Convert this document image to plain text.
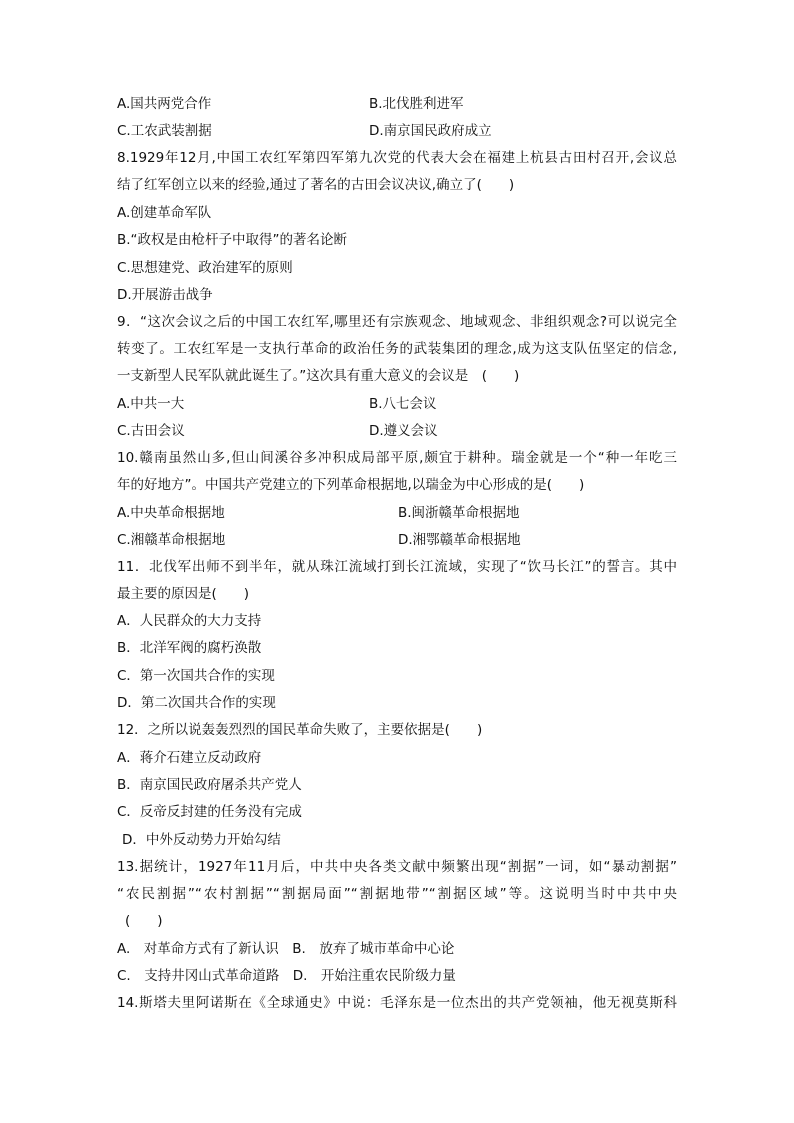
A.国共两党合作	B.北伐胜利进军
C.工农武装割据	D.南京国民政府成立
8.1929年12月,中国工农红军第四军第九次党的代表大会在福建上杭县古田村召开,会议总
结了红军创立以来的经验,通过了著名的古田会议决议,确立了(　　)
A.创建革命军队
B.“政权是由枪杆子中取得”的著名论断
C.思想建党、政治建军的原则
D.开展游击战争
9．“这次会议之后的中国工农红军,哪里还有宗族观念、地域观念、非组织观念?可以说完全
转变了。工农红军是一支执行革命的政治任务的武装集团的理念,成为这支队伍坚定的信念,
一支新型人民军队就此诞生了。”这次具有重大意义的会议是　(　　)
A.中共一大	B.八七会议
C.古田会议	D.遵义会议
10.赣南虽然山多,但山间溪谷多冲积成局部平原,颇宜于耕种。瑞金就是一个“种一年吃三
年的好地方”。中国共产党建立的下列革命根据地,以瑞金为中心形成的是(　　)
A.中央革命根据地	B.闽浙赣革命根据地
C.湘赣革命根据地	D.湘鄂赣革命根据地
11．北伐军出师不到半年，就从珠江流域打到长江流域，实现了“饮马长江”的誓言。其中
最主要的原因是(　　)
A．人民群众的大力支持
B．北洋军阀的腐朽涣散
C．第一次国共合作的实现
D．第二次国共合作的实现
12．之所以说轰轰烈烈的国民革命失败了，主要依据是(　　)
A．蒋介石建立反动政府
B．南京国民政府屠杀共产党人
C．反帝反封建的任务没有完成
D．中外反动势力开始勾结
13.据统计，1927年11月后，中共中央各类文献中频繁出现“割据”一词，如“暴动割据”
“农民割据”“农村割据”“割据局面”“割据地带”“割据区域”等。这说明当时中共中央
(　　)
A.　对革命方式有了新认识　B.　放弃了城市革命中心论
C.　支持井冈山式革命道路　D.　开始注重农民阶级力量
14.斯塔夫里阿诺斯在《全球通史》中说：毛泽东是一位杰出的共产党领袖，他无视莫斯科
